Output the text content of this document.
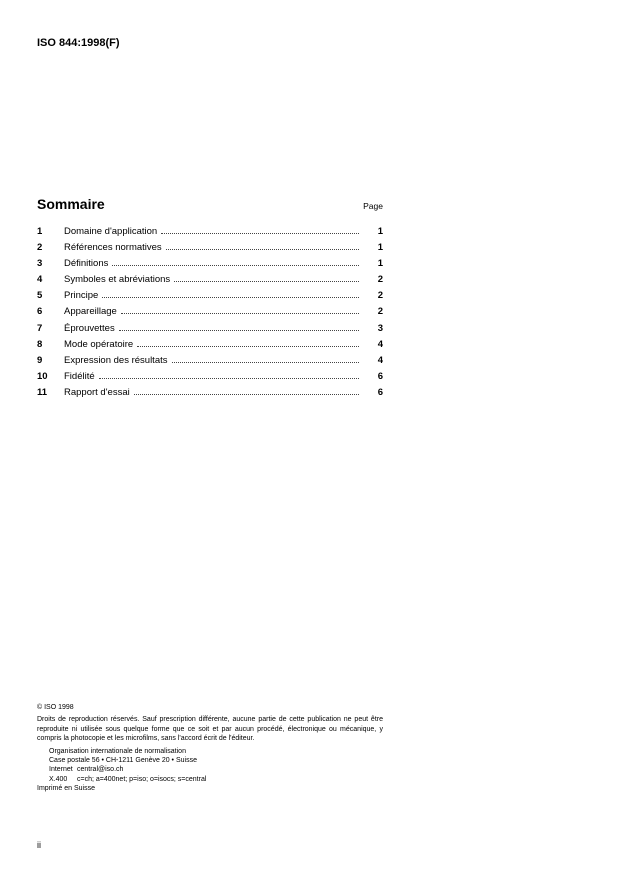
ISO 844:1998(F)
Sommaire	Page
1	Domaine d'application	1
2	Références normatives	1
3	Définitions	1
4	Symboles et abréviations	2
5	Principe	2
6	Appareillage	2
7	Éprouvettes	3
8	Mode opératoire	4
9	Expression des résultats	4
10	Fidélité	6
11	Rapport d'essai	6

© ISO 1998

Droits de reproduction réservés. Sauf prescription différente, aucune partie de cette publication ne peut être reproduite ni utilisée sous quelque forme que ce soit et par aucun procédé, électronique ou mécanique, y compris la photocopie et les microfilms, sans l'accord écrit de l'éditeur.

Organisation internationale de normalisation
Case postale 56 • CH-1211 Genève 20 • Suisse
Internet central@iso.ch
X.400	c=ch; a=400net; p=iso; o=isocs; s=central

Imprimé en Suisse

ii
